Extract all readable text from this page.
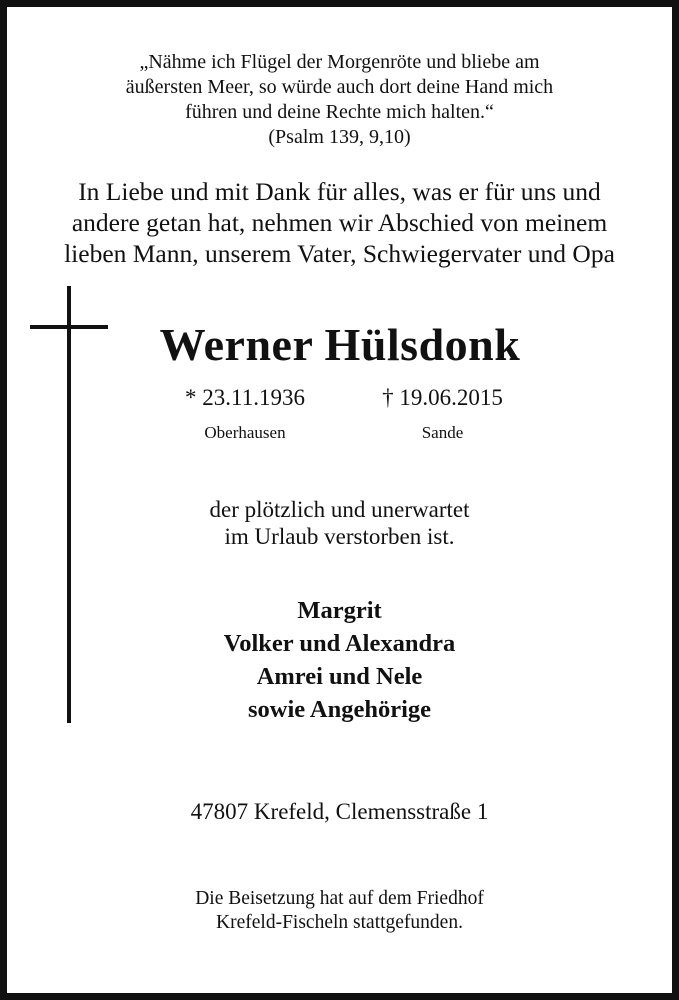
„Nähme ich Flügel der Morgenröte und bliebe am
äußersten Meer, so würde auch dort deine Hand mich
führen und deine Rechte mich halten.“
(Psalm 139, 9,10)
In Liebe und mit Dank für alles, was er für uns und
andere getan hat, nehmen wir Abschied von meinem
lieben Mann, unserem Vater, Schwiegervater und Opa
Werner Hülsdonk
* 23.11.1936	† 19.06.2015
Oberhausen	Sande
der plötzlich und unerwartet
im Urlaub verstorben ist.
Margrit
Volker und Alexandra
Amrei und Nele
sowie Angehörige
47807 Krefeld, Clemensstraße 1
Die Beisetzung hat auf dem Friedhof
Krefeld-Fischeln stattgefunden.
